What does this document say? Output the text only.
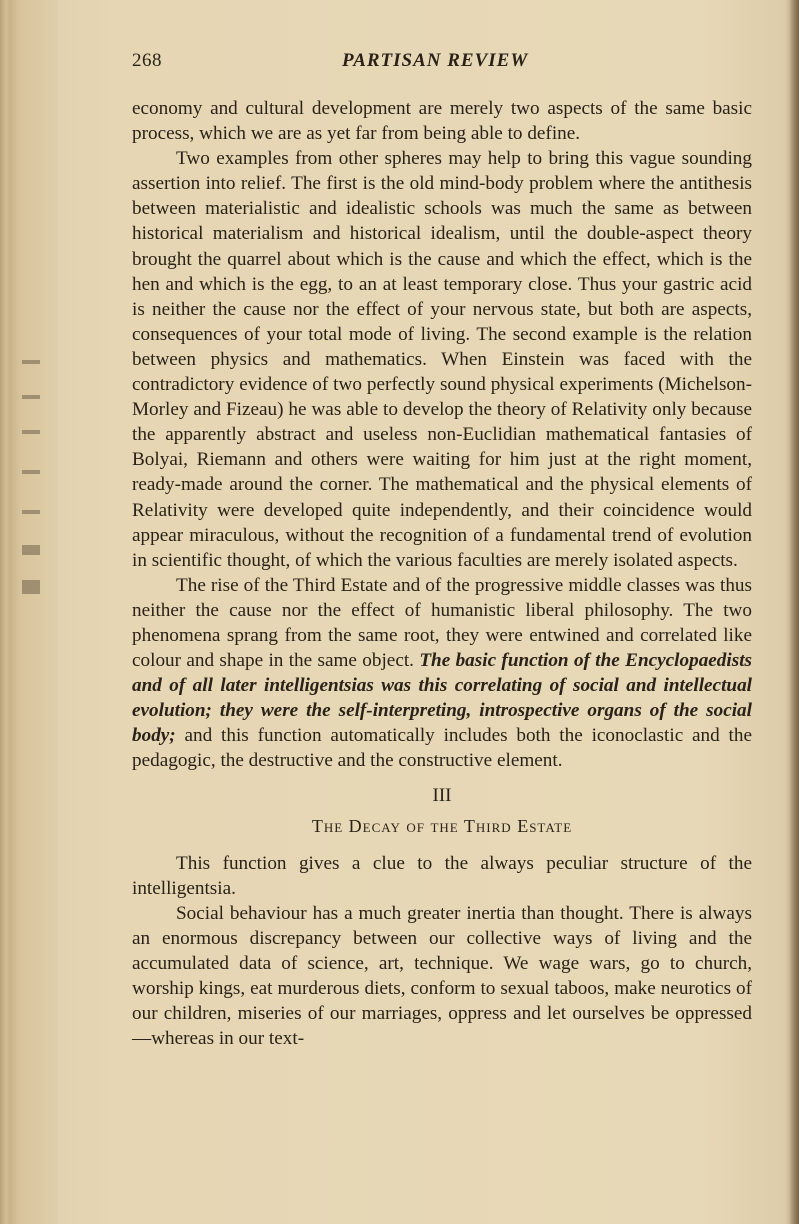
268	PARTISAN REVIEW

economy and cultural development are merely two aspects of the same basic process, which we are as yet far from being able to define.

Two examples from other spheres may help to bring this vague sounding assertion into relief. The first is the old mind-body problem where the antithesis between materialistic and idealistic schools was much the same as between historical materialism and historical idealism, until the double-aspect theory brought the quarrel about which is the cause and which the effect, which is the hen and which is the egg, to an at least temporary close. Thus your gastric acid is neither the cause nor the effect of your nervous state, but both are aspects, consequences of your total mode of living. The second example is the relation between physics and mathematics. When Einstein was faced with the contradictory evidence of two perfectly sound physical experiments (Michelson-Morley and Fizeau) he was able to develop the theory of Relativity only because the apparently abstract and useless non-Euclidian mathematical fantasies of Bolyai, Riemann and others were waiting for him just at the right moment, ready-made around the corner. The mathematical and the physical elements of Relativity were developed quite independently, and their coincidence would appear miraculous, without the recognition of a fundamental trend of evolution in scientific thought, of which the various faculties are merely isolated aspects.

The rise of the Third Estate and of the progressive middle classes was thus neither the cause nor the effect of humanistic liberal philosophy. The two phenomena sprang from the same root, they were entwined and correlated like colour and shape in the same object. The basic function of the Encyclopaedists and of all later intelligentsias was this correlating of social and intellectual evolution; they were the self-interpreting, introspective organs of the social body; and this function automatically includes both the iconoclastic and the pedagogic, the destructive and the constructive element.

III
The Decay of the Third Estate

This function gives a clue to the always peculiar structure of the intelligentsia.

Social behaviour has a much greater inertia than thought. There is always an enormous discrepancy between our collective ways of living and the accumulated data of science, art, technique. We wage wars, go to church, worship kings, eat murderous diets, conform to sexual taboos, make neurotics of our children, miseries of our marriages, oppress and let ourselves be oppressed—whereas in our text-
